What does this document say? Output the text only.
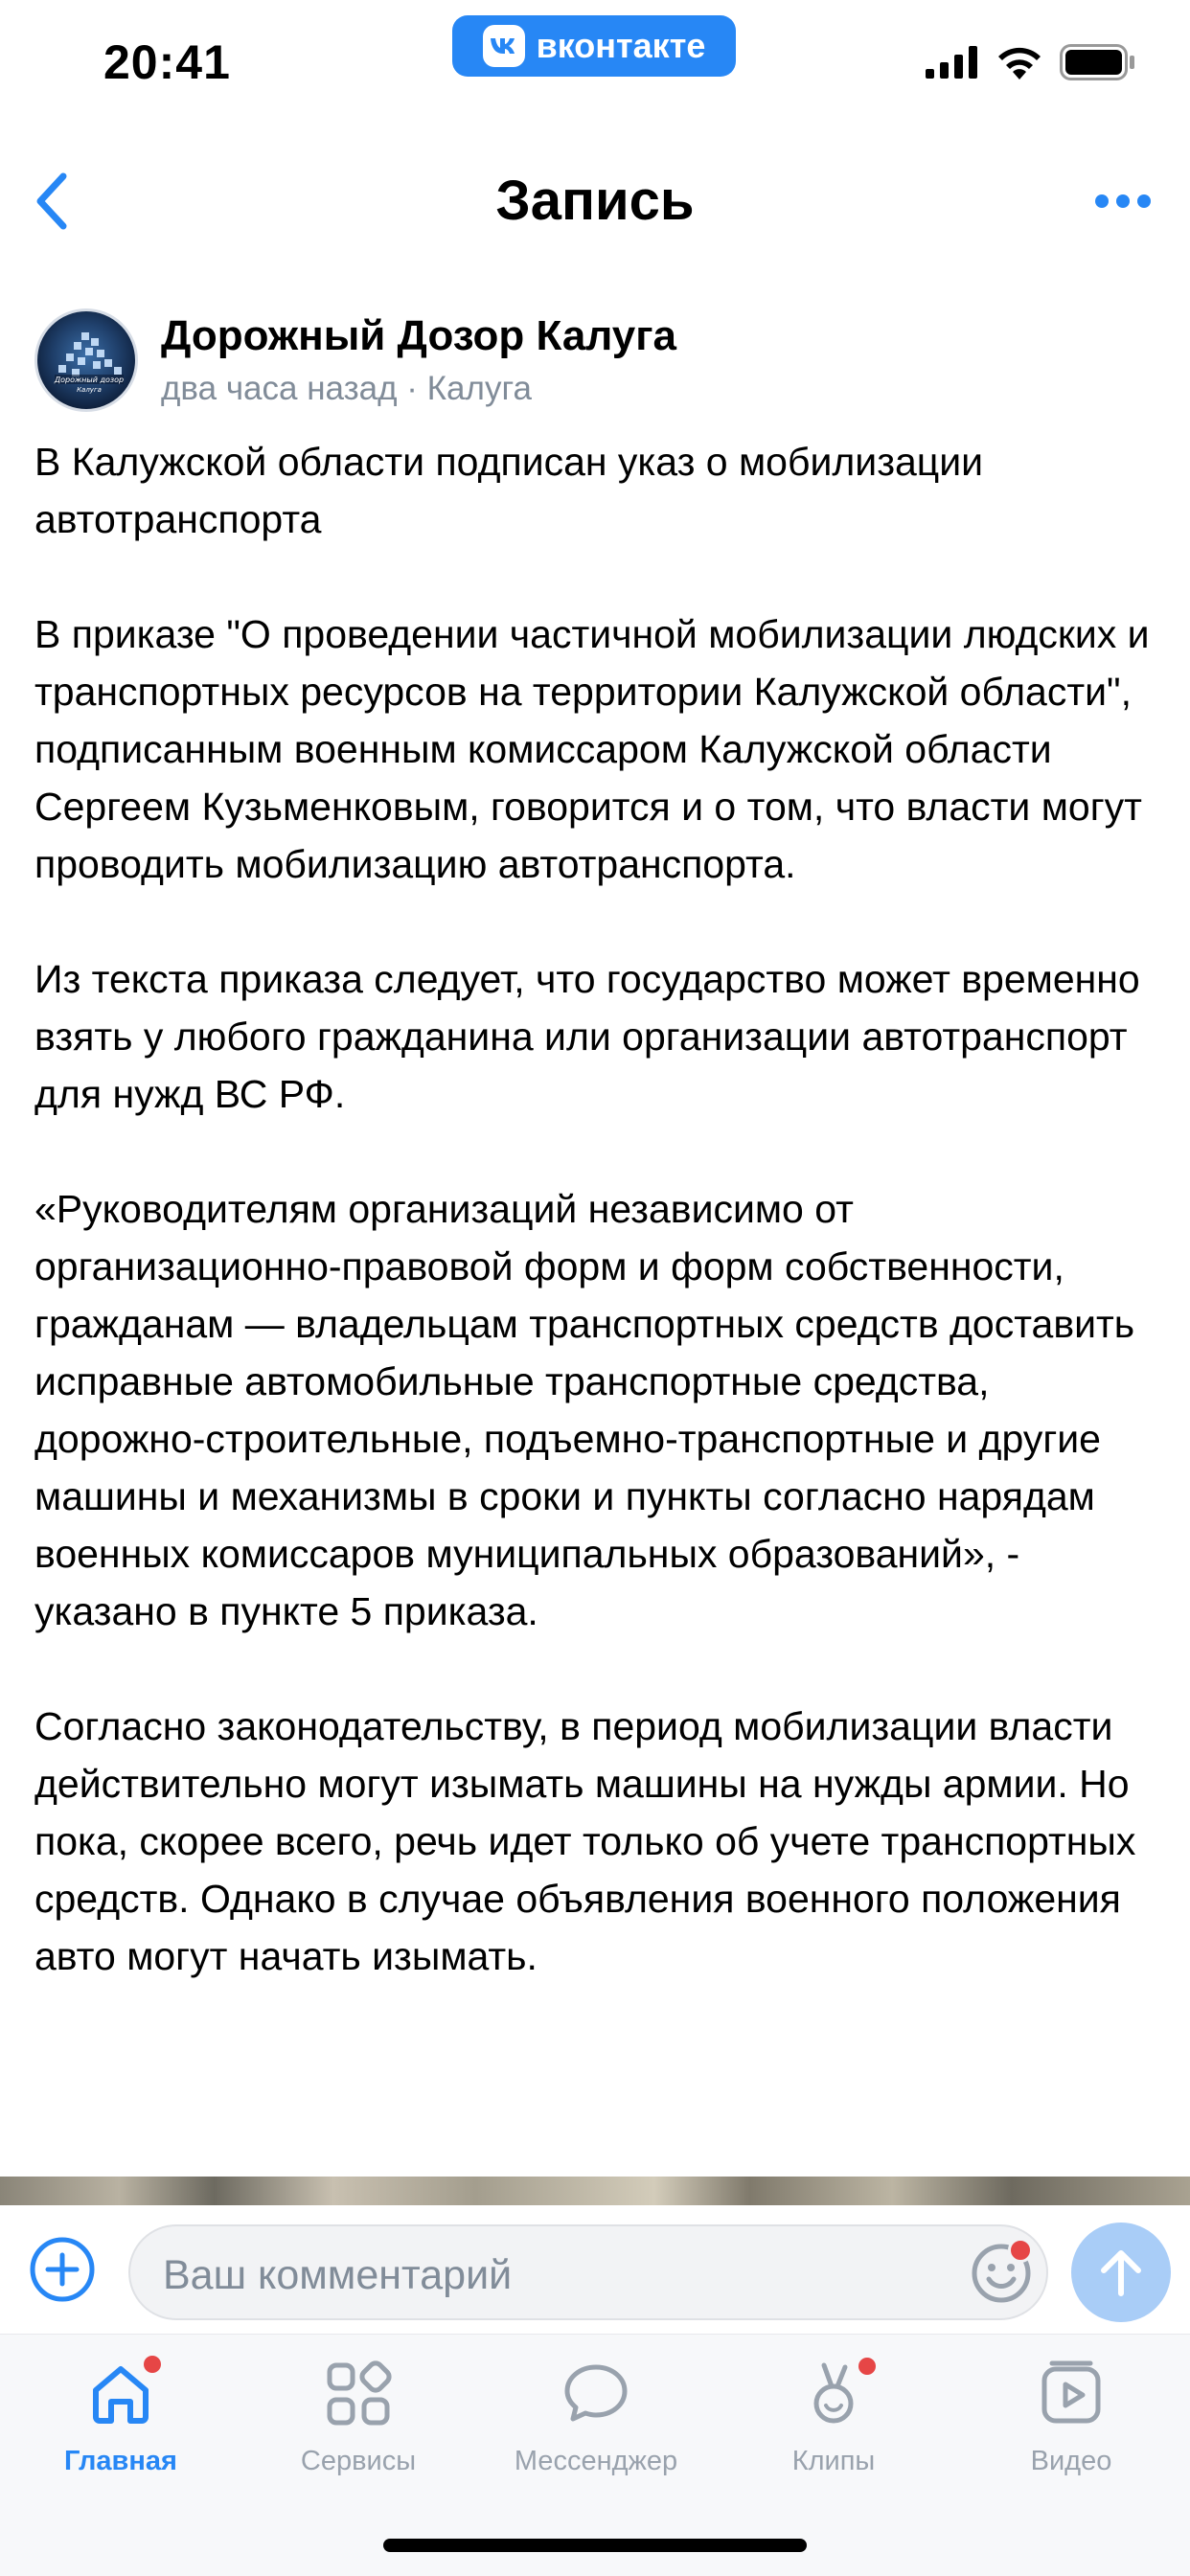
20:41	вконтакте
Запись
Дорожный дозор
Калуга
Дорожный Дозор Калуга
два часа назад · Калуга

В Калужской области подписан указ о мобилизации автотранспорта

В приказе "О проведении частичной мобилизации людских и транспортных ресурсов на территории Калужской области", подписанным военным комиссаром Калужской области Сергеем Кузьменковым, говорится и о том, что власти могут проводить мобилизацию автотранспорта.

Из текста приказа следует, что государство может временно взять у любого гражданина или организации автотранспорт для нужд ВС РФ.

«Руководителям организаций независимо от организационно-правовой форм и форм собственности, гражданам — владельцам транспортных средств доставить исправные автомобильные транспортные средства, дорожно-строительные, подъемно-транспортные и другие машины и механизмы в сроки и пункты согласно нарядам военных комиссаров муниципальных образований», - указано в пункте 5 приказа.

Согласно законодательству, в период мобилизации власти действительно могут изымать машины на нужды армии. Но пока, скорее всего, речь идет только об учете транспортных средств. Однако в случае объявления военного положения авто могут начать изымать.

Ваш комментарий
Главная	Сервисы	Мессенджер	Клипы	Видео
